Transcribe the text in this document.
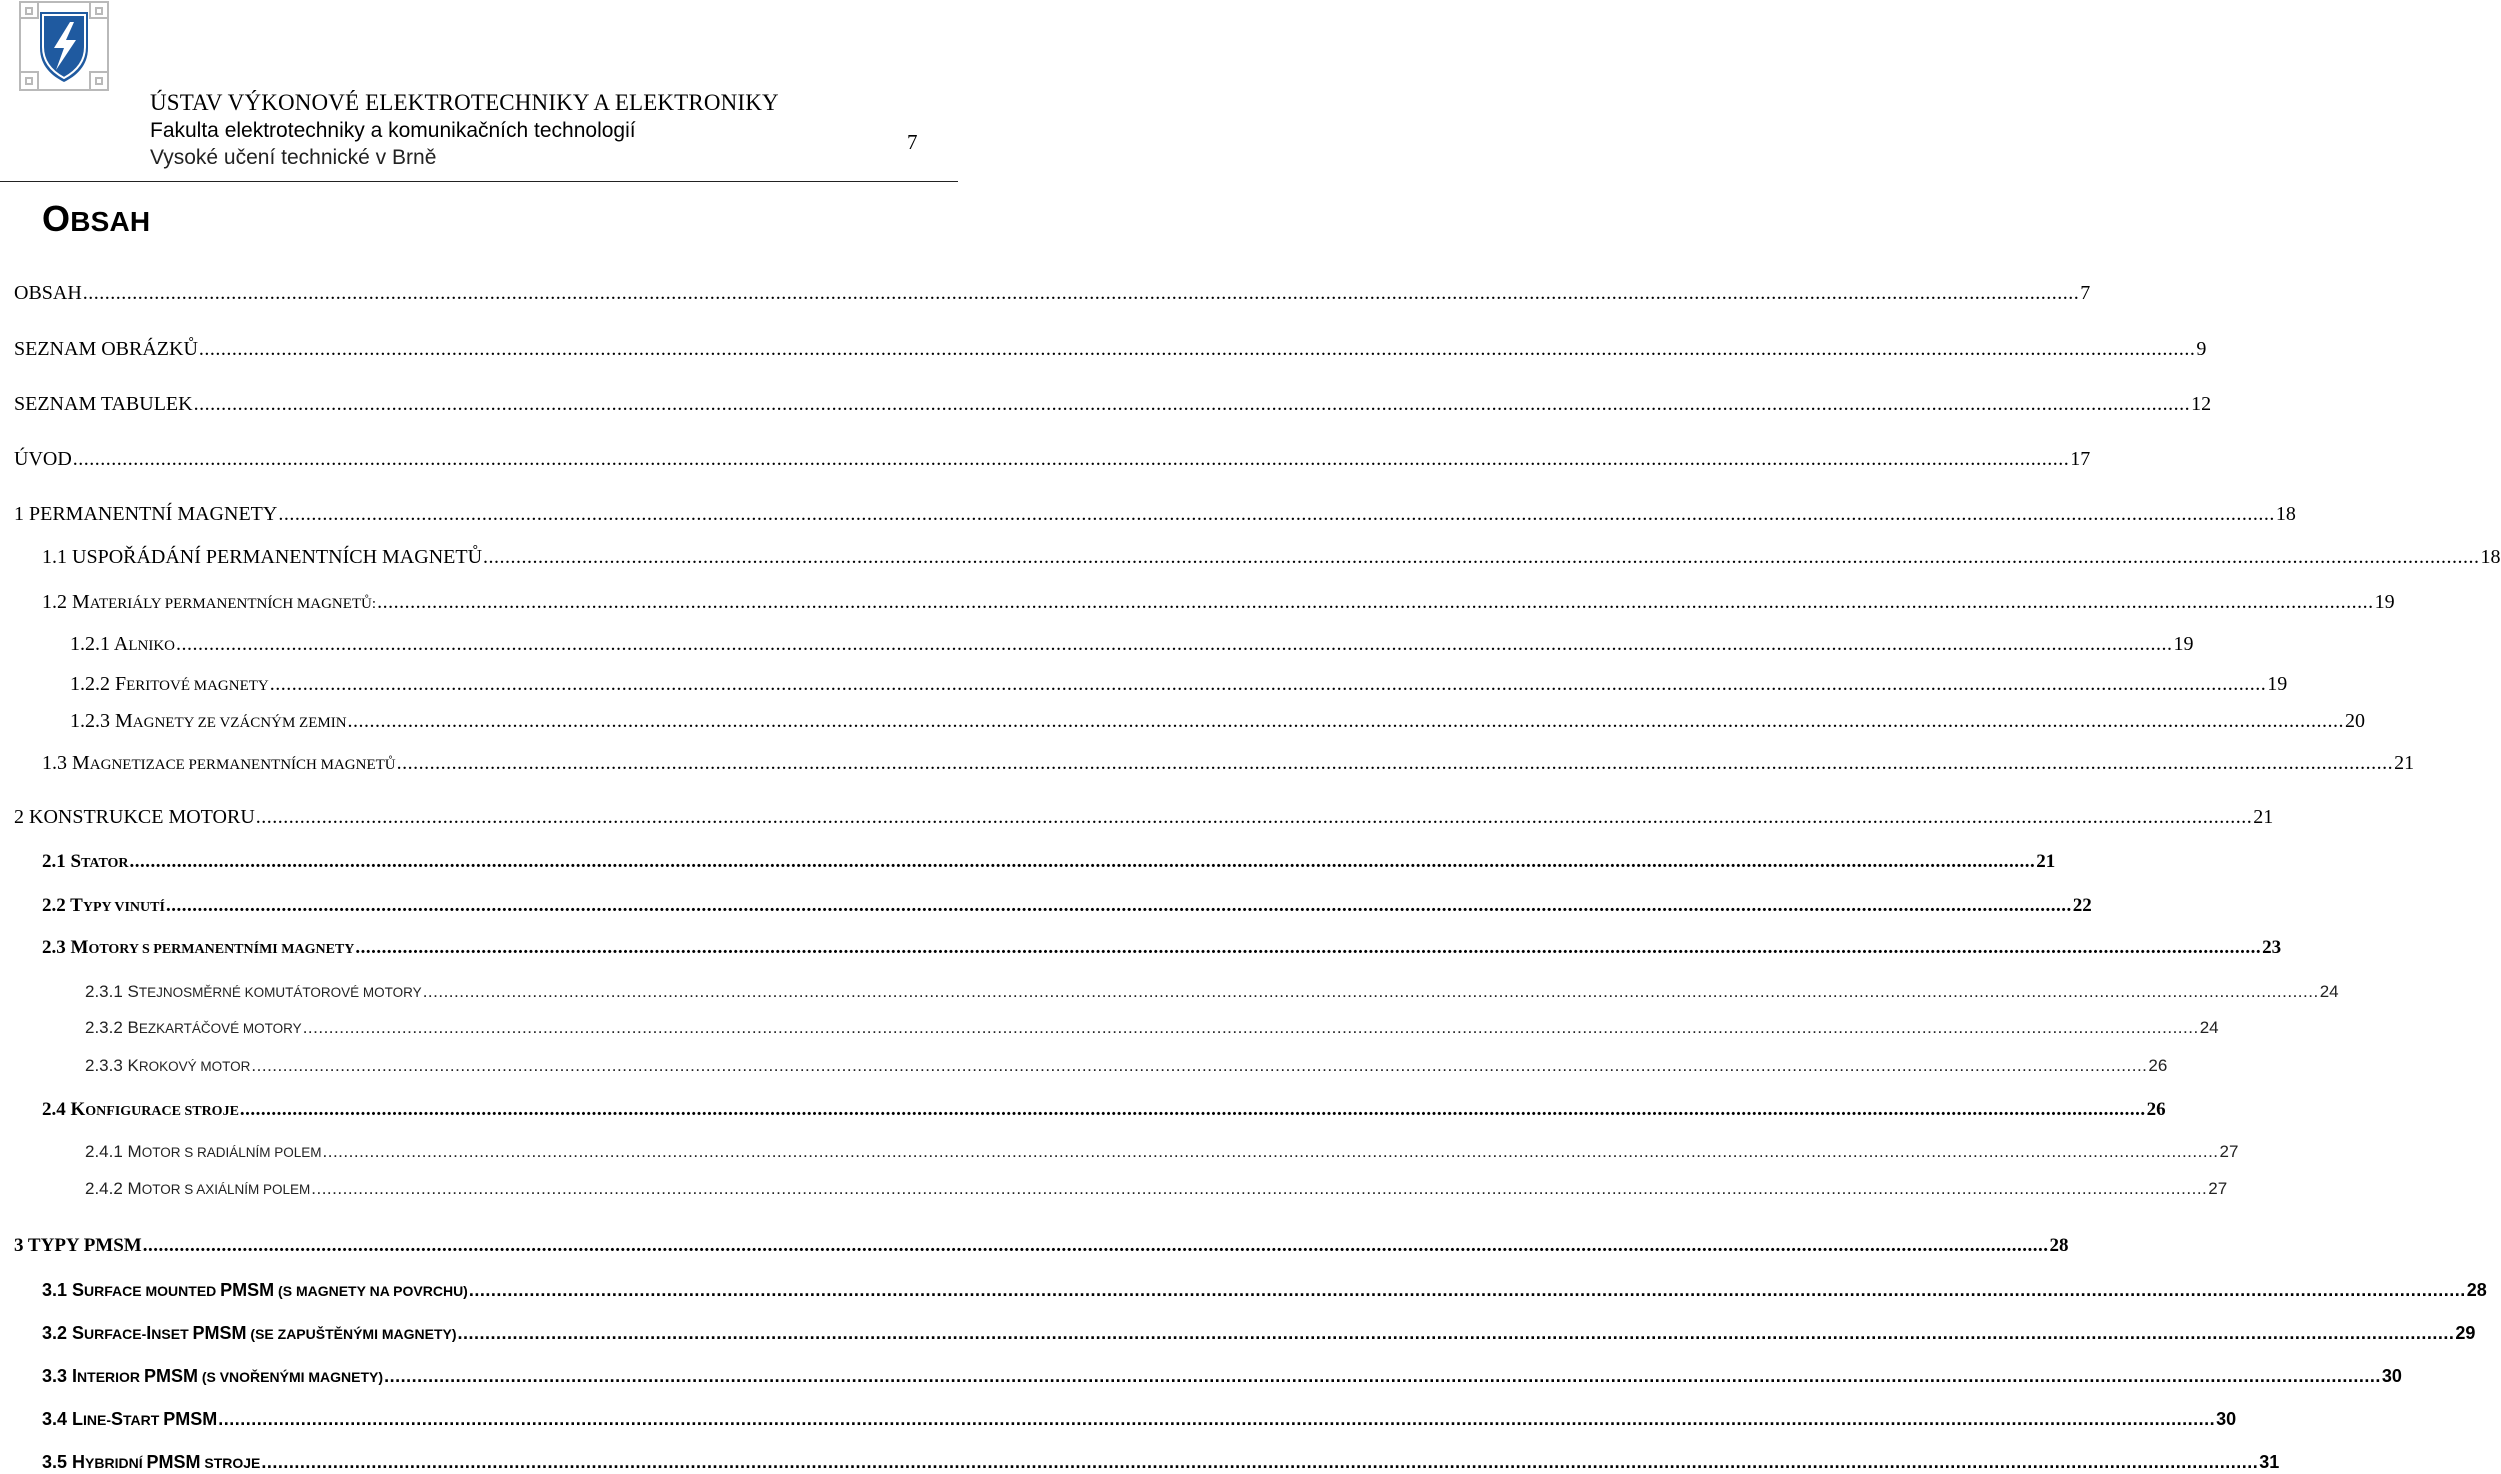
ÚSTAV VÝKONOVÉ ELEKTROTECHNIKY A ELEKTRONIKY
Fakulta elektrotechniky a komunikačních technologií
Vysoké učení technické v Brně
7
OBSAH
OBSAH ........................................................................................................................................................................................................................................................................................................................................................................... 7
SEZNAM OBRÁZKŮ ........................................................................................................................................................................................................................................................................................................................................................................... 9
SEZNAM TABULEK ........................................................................................................................................................................................................................................................................................................................................................................... 12
ÚVOD ........................................................................................................................................................................................................................................................................................................................................................................... 17
1 PERMANENTNÍ MAGNETY ........................................................................................................................................................................................................................................................................................................................................................................... 18
1.1 USPOŘÁDÁNÍ PERMANENTNÍCH MAGNETŮ ........................................................................................................................................................................................................................................................................................................................................................................... 18
1.2 MATERIÁLY PERMANENTNÍCH MAGNETŮ: ........................................................................................................................................................................................................................................................................................................................................................................... 19
1.2.1 ALNIKO ........................................................................................................................................................................................................................................................................................................................................................................... 19
1.2.2 FERITOVÉ MAGNETY ........................................................................................................................................................................................................................................................................................................................................................................... 19
1.2.3 MAGNETY ZE VZÁCNÝM ZEMIN ........................................................................................................................................................................................................................................................................................................................................................................... 20
1.3 MAGNETIZACE PERMANENTNÍCH MAGNETŮ ........................................................................................................................................................................................................................................................................................................................................................................... 21
2 KONSTRUKCE MOTORU ........................................................................................................................................................................................................................................................................................................................................................................... 21
2.1 STATOR ........................................................................................................................................................................................................................................................................................................................................................................... 21
2.2 TYPY VINUTÍ ........................................................................................................................................................................................................................................................................................................................................................................... 22
2.3 MOTORY S PERMANENTNÍMI MAGNETY ........................................................................................................................................................................................................................................................................................................................................................................... 23
2.3.1 STEJNOSMĚRNÉ KOMUTÁTOROVÉ MOTORY ........................................................................................................................................................................................................................................................................................................................................................................... 24
2.3.2 BEZKARTÁČOVÉ MOTORY ........................................................................................................................................................................................................................................................................................................................................................................... 24
2.3.3 KROKOVÝ MOTOR ........................................................................................................................................................................................................................................................................................................................................................................... 26
2.4 KONFIGURACE STROJE ........................................................................................................................................................................................................................................................................................................................................................................... 26
2.4.1 MOTOR S RADIÁLNÍM POLEM ........................................................................................................................................................................................................................................................................................................................................................................... 27
2.4.2 MOTOR S AXIÁLNÍM POLEM ........................................................................................................................................................................................................................................................................................................................................................................... 27
3 TYPY PMSM ........................................................................................................................................................................................................................................................................................................................................................................... 28
3.1 SURFACE MOUNTED PMSM (S MAGNETY NA POVRCHU) ........................................................................................................................................................................................................................................................................................................................................................................... 28
3.2 SURFACE-INSET PMSM (SE ZAPUŠTĚNÝMI MAGNETY) ........................................................................................................................................................................................................................................................................................................................................................................... 29
3.3 INTERIOR PMSM (S VNOŘENÝMI MAGNETY) ........................................................................................................................................................................................................................................................................................................................................................................... 30
3.4 LINE-START PMSM ........................................................................................................................................................................................................................................................................................................................................................................... 30
3.5 HYBRIDNÍ PMSM STROJE ........................................................................................................................................................................................................................................................................................................................................................................... 31
